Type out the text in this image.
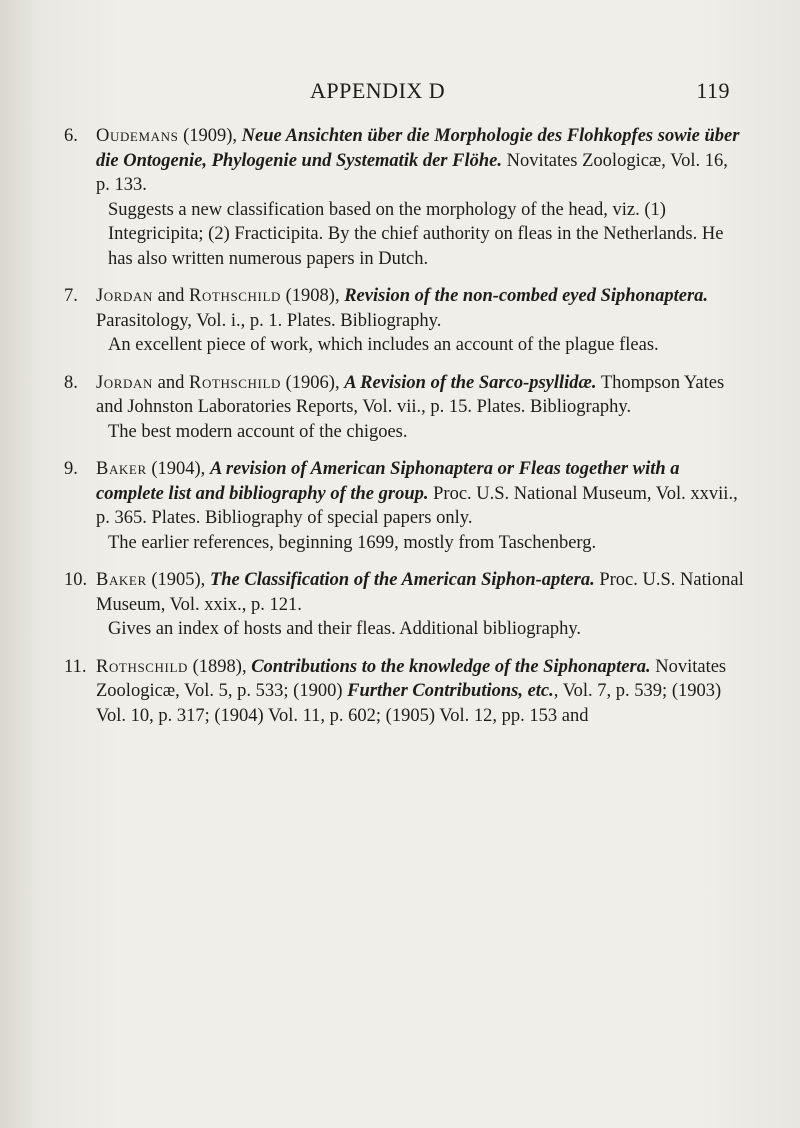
APPENDIX D	119
6. Oudemans (1909), Neue Ansichten über die Morphologie des Flohkopfes sowie über die Ontogenie, Phylogenie und Systematik der Flöhe. Novitates Zoologicæ, Vol. 16, p. 133.

Suggests a new classification based on the morphology of the head, viz. (1) Integricipita; (2) Fracticipita. By the chief authority on fleas in the Netherlands. He has also written numerous papers in Dutch.

7. Jordan and Rothschild (1908), Revision of the non-combed eyed Siphonaptera. Parasitology, Vol. i., p. 1. Plates. Bibliography.

An excellent piece of work, which includes an account of the plague fleas.

8. Jordan and Rothschild (1906), A Revision of the Sarco-psyllidæ. Thompson Yates and Johnston Laboratories Reports, Vol. vii., p. 15. Plates. Bibliography.

The best modern account of the chigoes.

9. Baker (1904), A revision of American Siphonaptera or Fleas together with a complete list and bibliography of the group. Proc. U.S. National Museum, Vol. xxvii., p. 365. Plates. Bibliography of special papers only.

The earlier references, beginning 1699, mostly from Taschenberg.

10. Baker (1905), The Classification of the American Siphon-aptera. Proc. U.S. National Museum, Vol. xxix., p. 121.

Gives an index of hosts and their fleas. Additional bibliography.

11. Rothschild (1898), Contributions to the knowledge of the Siphonaptera. Novitates Zoologicæ, Vol. 5, p. 533; (1900) Further Contributions, etc., Vol. 7, p. 539; (1903) Vol. 10, p. 317; (1904) Vol. 11, p. 602; (1905) Vol. 12, pp. 153 and
